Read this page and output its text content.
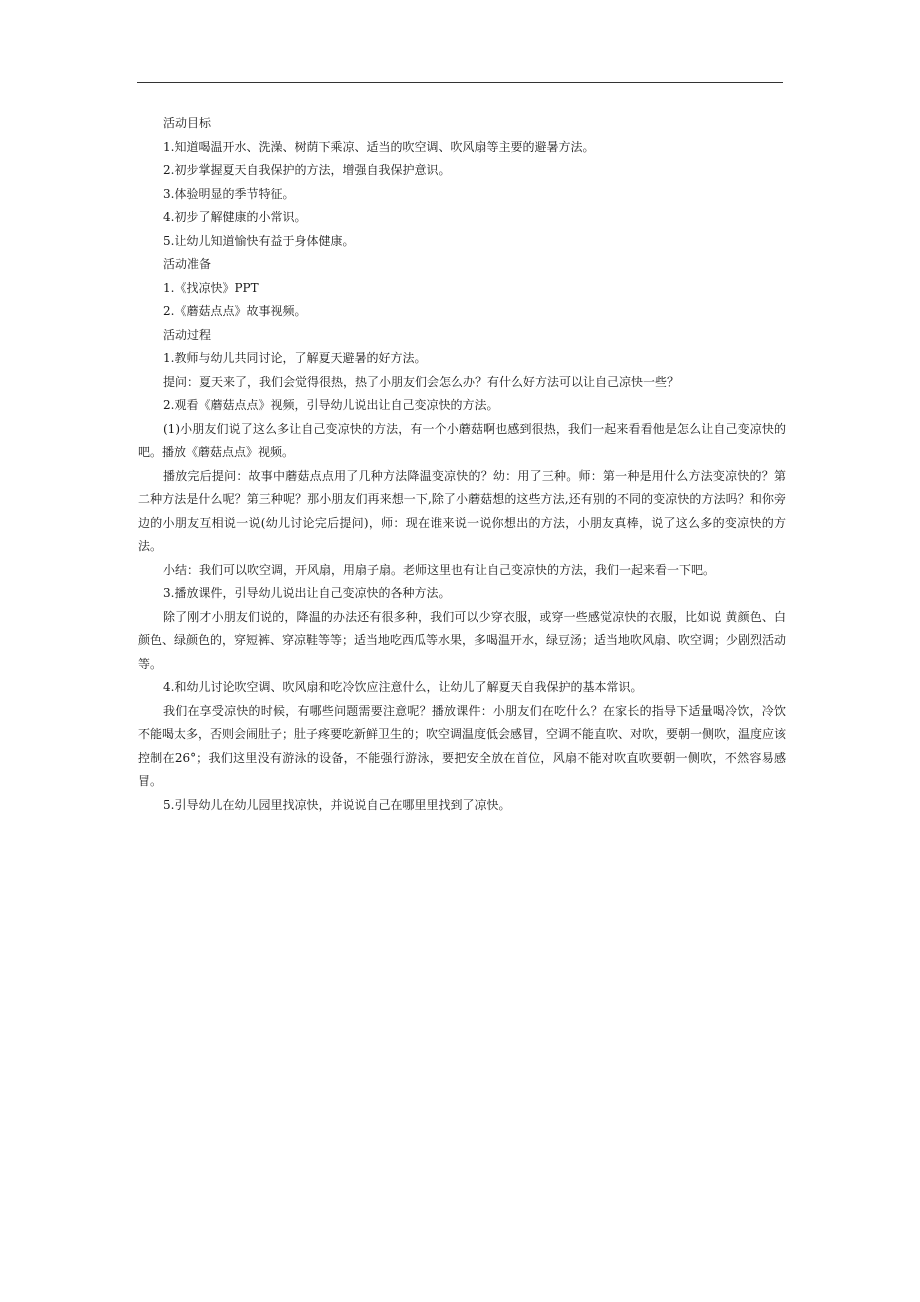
活动目标

1.知道喝温开水、洗澡、树荫下乘凉、适当的吹空调、吹风扇等主要的避暑方法。

2.初步掌握夏天自我保护的方法，增强自我保护意识。

3.体验明显的季节特征。

4.初步了解健康的小常识。

5.让幼儿知道愉快有益于身体健康。

活动准备

1.《找凉快》PPT

2.《蘑菇点点》故事视频。

活动过程

1.教师与幼儿共同讨论，了解夏天避暑的好方法。

提问：夏天来了，我们会觉得很热，热了小朋友们会怎么办？有什么好方法可以让自己凉快一些？

2.观看《蘑菇点点》视频，引导幼儿说出让自己变凉快的方法。

(1)小朋友们说了这么多让自己变凉快的方法，有一个小蘑菇啊也感到很热，我们一起来看看他是怎么让自己变凉快的吧。播放《蘑菇点点》视频。

播放完后提问：故事中蘑菇点点用了几种方法降温变凉快的？幼：用了三种。师：第一种是用什么方法变凉快的？第二种方法是什么呢？第三种呢？那小朋友们再来想一下,除了小蘑菇想的这些方法,还有别的不同的变凉快的方法吗？和你旁边的小朋友互相说一说(幼儿讨论完后提问)，师：现在谁来说一说你想出的方法，小朋友真棒，说了这么多的变凉快的方法。

小结：我们可以吹空调，开风扇，用扇子扇。老师这里也有让自己变凉快的方法，我们一起来看一下吧。

3.播放课件，引导幼儿说出让自己变凉快的各种方法。

除了刚才小朋友们说的，降温的办法还有很多种，我们可以少穿衣服，或穿一些感觉凉快的衣服，比如说 黄颜色、白颜色、绿颜色的，穿短裤、穿凉鞋等等；适当地吃西瓜等水果，多喝温开水，绿豆汤；适当地吹风扇、吹空调；少剧烈活动等。

4.和幼儿讨论吹空调、吹风扇和吃冷饮应注意什么，让幼儿了解夏天自我保护的基本常识。

我们在享受凉快的时候，有哪些问题需要注意呢？播放课件：小朋友们在吃什么？在家长的指导下适量喝冷饮，冷饮不能喝太多，否则会闹肚子；肚子疼要吃新鲜卫生的；吹空调温度低会感冒，空调不能直吹、对吹，要朝一侧吹，温度应该控制在26°；我们这里没有游泳的设备，不能强行游泳，要把安全放在首位，风扇不能对吹直吹要朝一侧吹，不然容易感冒。

5.引导幼儿在幼儿园里找凉快，并说说自己在哪里里找到了凉快。
